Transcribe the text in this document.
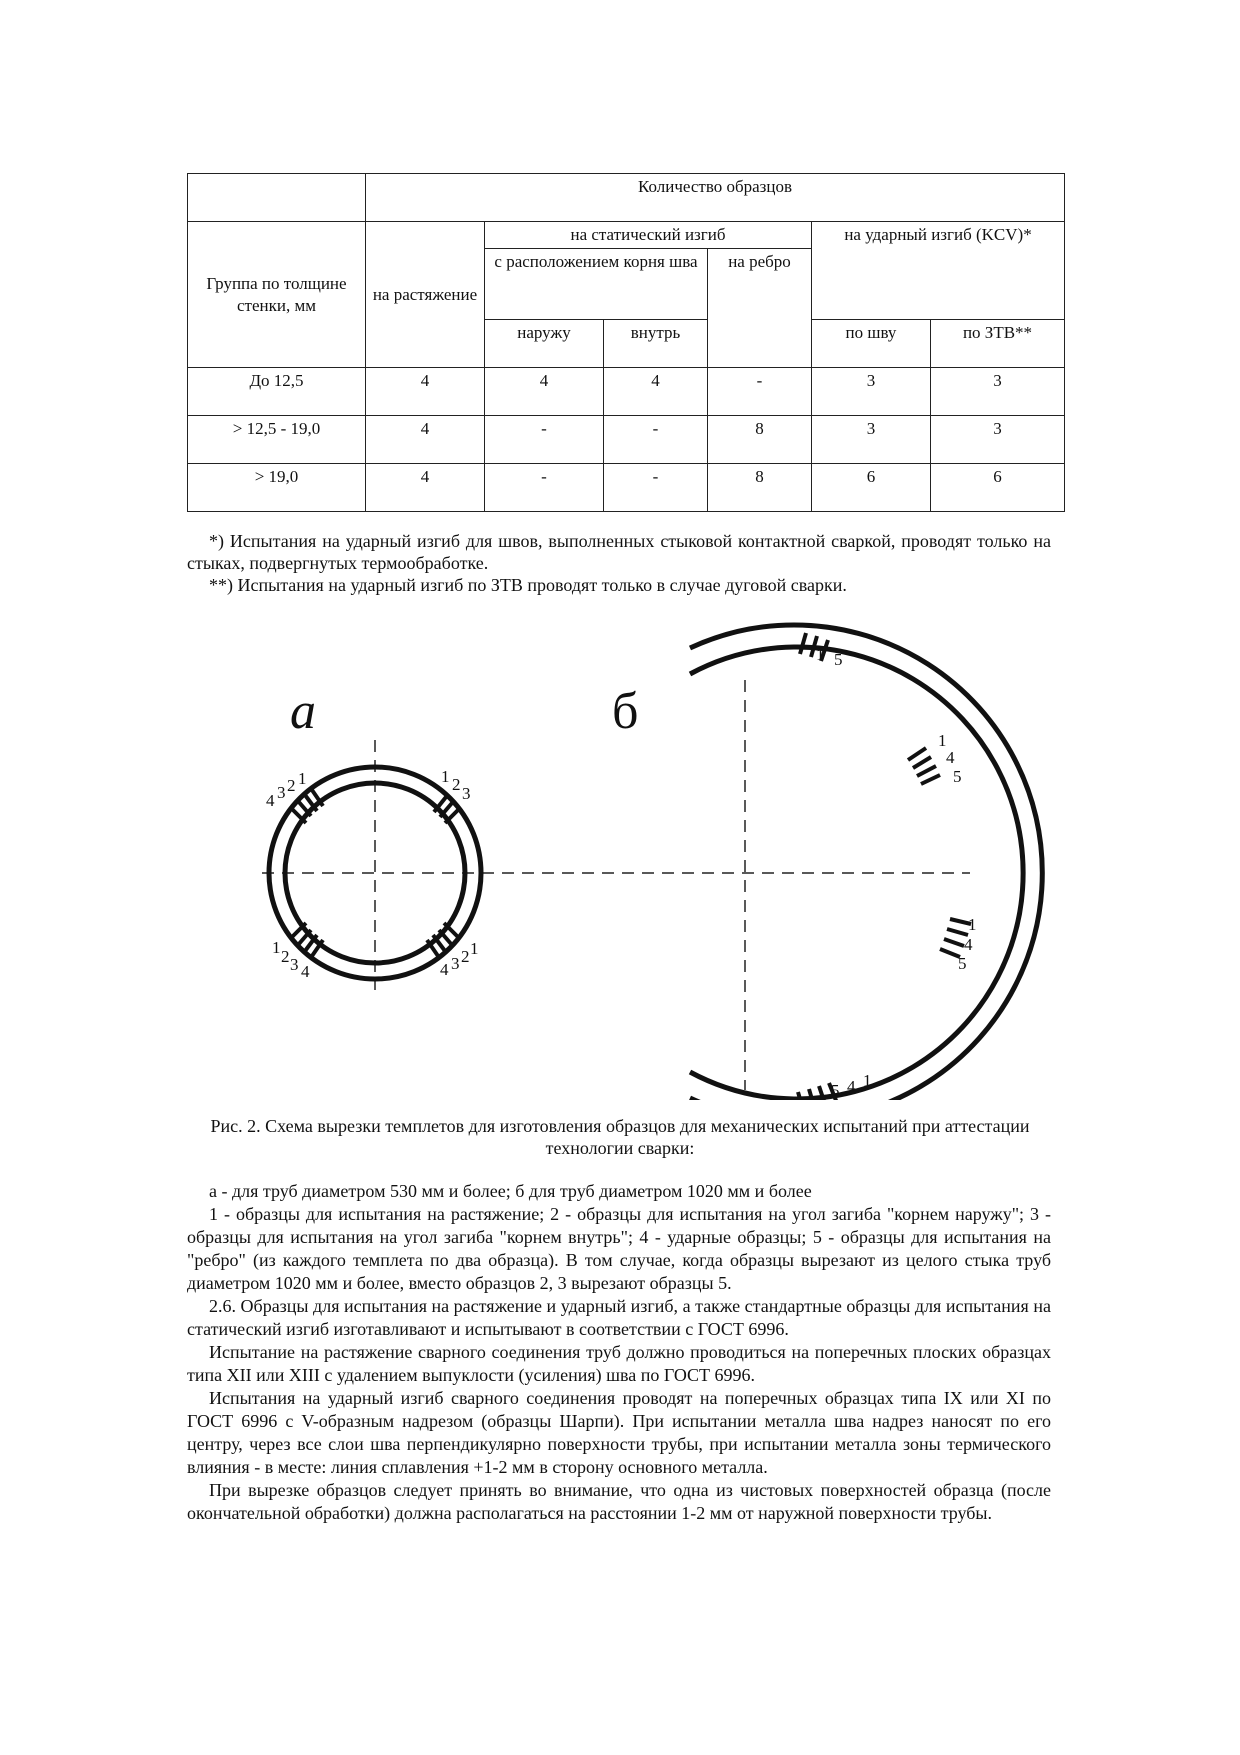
	Количество образцов					
Группа по толщине стенки, мм	на растяжение	на статический изгиб			на ударный изгиб (KCV)*	
		с расположением корня шва		на ребро		
		наружу	внутрь		по шву	по ЗТВ**
До 12,5	4	4	4	-	3	3
> 12,5 - 19,0	4	-	-	8	3	3
> 19,0	4	-	-	8	6	6

*) Испытания на ударный изгиб для швов, выполненных стыковой контактной сваркой, проводят только на стыках, подвергнутых термообработке.

**) Испытания на ударный изгиб по ЗТВ проводят только в случае дуговой сварки.

а	б
4 3 2 1	1 2 3
1 2 3 4	4 3 2 1
1 5
1
4
5
1
4
5
5 4 1
Рис. 2. Схема вырезки темплетов для изготовления образцов для механических испытаний при аттестации технологии сварки:

а - для труб диаметром 530 мм и более; б для труб диаметром 1020 мм и более

1 - образцы для испытания на растяжение; 2 - образцы для испытания на угол загиба "корнем наружу"; 3 - образцы для испытания на угол загиба "корнем внутрь"; 4 - ударные образцы; 5 - образцы для испытания на "ребро" (из каждого темплета по два образца). В том случае, когда образцы вырезают из целого стыка труб диаметром 1020 мм и более, вместо образцов 2, 3 вырезают образцы 5.

2.6. Образцы для испытания на растяжение и ударный изгиб, а также стандартные образцы для испытания на статический изгиб изготавливают и испытывают в соответствии с ГОСТ 6996.

Испытание на растяжение сварного соединения труб должно проводиться на поперечных плоских образцах типа XII или XIII с удалением выпуклости (усиления) шва по ГОСТ 6996.

Испытания на ударный изгиб сварного соединения проводят на поперечных образцах типа IX или XI по ГОСТ 6996 с V-образным надрезом (образцы Шарпи). При испытании металла шва надрез наносят по его центру, через все слои шва перпендикулярно поверхности трубы, при испытании металла зоны термического влияния - в месте: линия сплавления +1-2 мм в сторону основного металла.

При вырезке образцов следует принять во внимание, что одна из чистовых поверхностей образца (после окончательной обработки) должна располагаться на расстоянии 1-2 мм от наружной поверхности трубы.
